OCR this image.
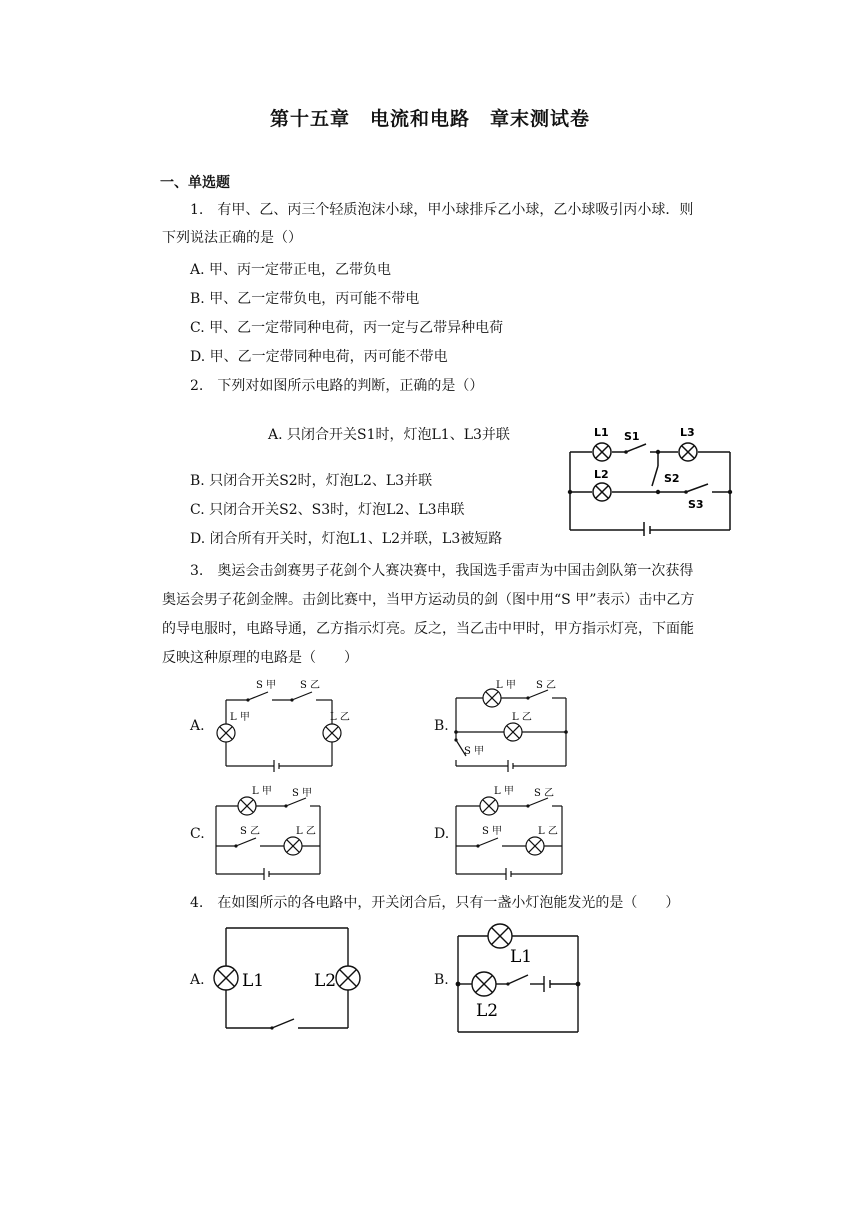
第十五章　电流和电路　章末测试卷
一、单选题
1.　有甲、乙、丙三个轻质泡沫小球，甲小球排斥乙小球，乙小球吸引丙小球．则
下列说法正确的是（）
A. 甲、丙一定带正电，乙带负电
B. 甲、乙一定带负电，丙可能不带电
C. 甲、乙一定带同种电荷，丙一定与乙带异种电荷
D. 甲、乙一定带同种电荷，丙可能不带电
2.　下列对如图所示电路的判断，正确的是（）
A. 只闭合开关S1时，灯泡L1、L3并联
B. 只闭合开关S2时，灯泡L2、L3并联
C. 只闭合开关S2、S3时，灯泡L2、L3串联
D. 闭合所有开关时，灯泡L1、L2并联，L3被短路
L1 S1	L3
L2	S2
S3
3.　奥运会击剑赛男子花剑个人赛决赛中，我国选手雷声为中国击剑队第一次获得
奥运会男子花剑金牌。击剑比赛中，当甲方运动员的剑（图中用“S 甲”表示）击中乙方
的导电服时，电路导通，乙方指示灯亮。反之，当乙击中甲时，甲方指示灯亮，下面能
反映这种原理的电路是（　　）
A.	B.
C.	D.
S 甲 S 乙
L 甲	L 乙
L 甲 S 乙
L 乙
S 甲
L 甲 S 甲
S 乙	L 乙
L 甲 S 乙
S 甲	L 乙
4.　在如图所示的各电路中，开关闭合后，只有一盏小灯泡能发光的是（　　）
A.	B.
L1	L2
L1
L2
